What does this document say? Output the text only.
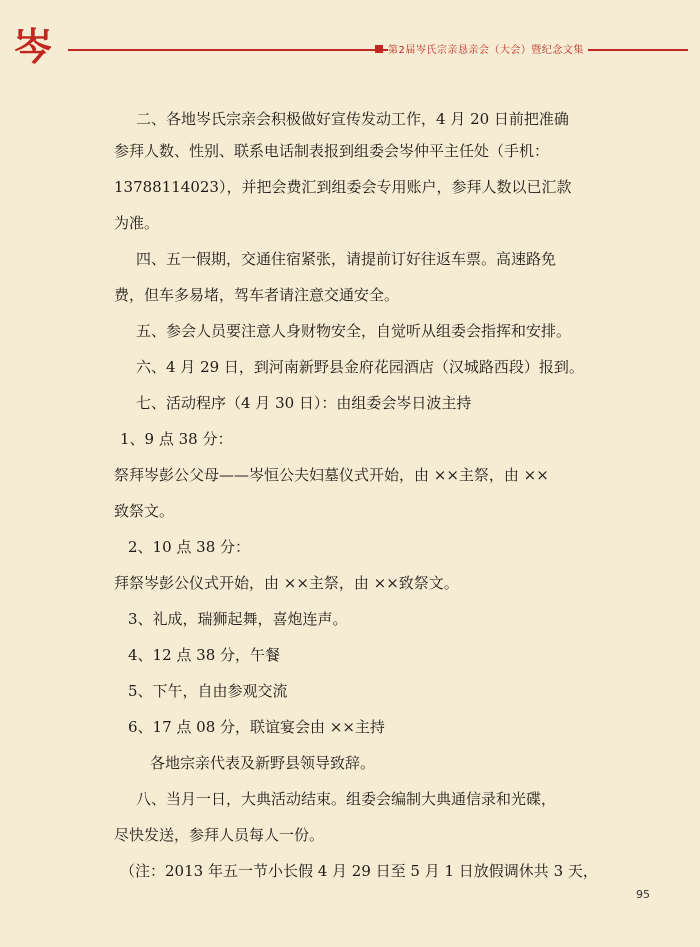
岑	第2届岑氏宗亲恳亲会（大会）暨纪念文集
二、各地岑氏宗亲会积极做好宣传发动工作，4 月 20 日前把准确
参拜人数、性别、联系电话制表报到组委会岑仲平主任处（手机：
13788114023），并把会费汇到组委会专用账户，参拜人数以已汇款
为准。
四、五一假期，交通住宿紧张，请提前订好往返车票。高速路免
费，但车多易堵，驾车者请注意交通安全。
五、参会人员要注意人身财物安全，自觉听从组委会指挥和安排。
六、4 月 29 日，到河南新野县金府花园酒店（汉城路西段）报到。
七、活动程序（4 月 30 日）：由组委会岑日波主持
1、9 点 38 分：
祭拜岑彭公父母——岑恒公夫妇墓仪式开始，由 ××主祭，由 ××
致祭文。
2、10 点 38 分：
拜祭岑彭公仪式开始，由 ××主祭，由 ××致祭文。
3、礼成，瑞狮起舞，喜炮连声。
4、12 点 38 分，午餐
5、下午，自由参观交流
6、17 点 08 分，联谊宴会由 ××主持
各地宗亲代表及新野县领导致辞。
八、当月一日，大典活动结束。组委会编制大典通信录和光碟，
尽快发送，参拜人员每人一份。
（注：2013 年五一节小长假 4 月 29 日至 5 月 1 日放假调休共 3 天，
95
